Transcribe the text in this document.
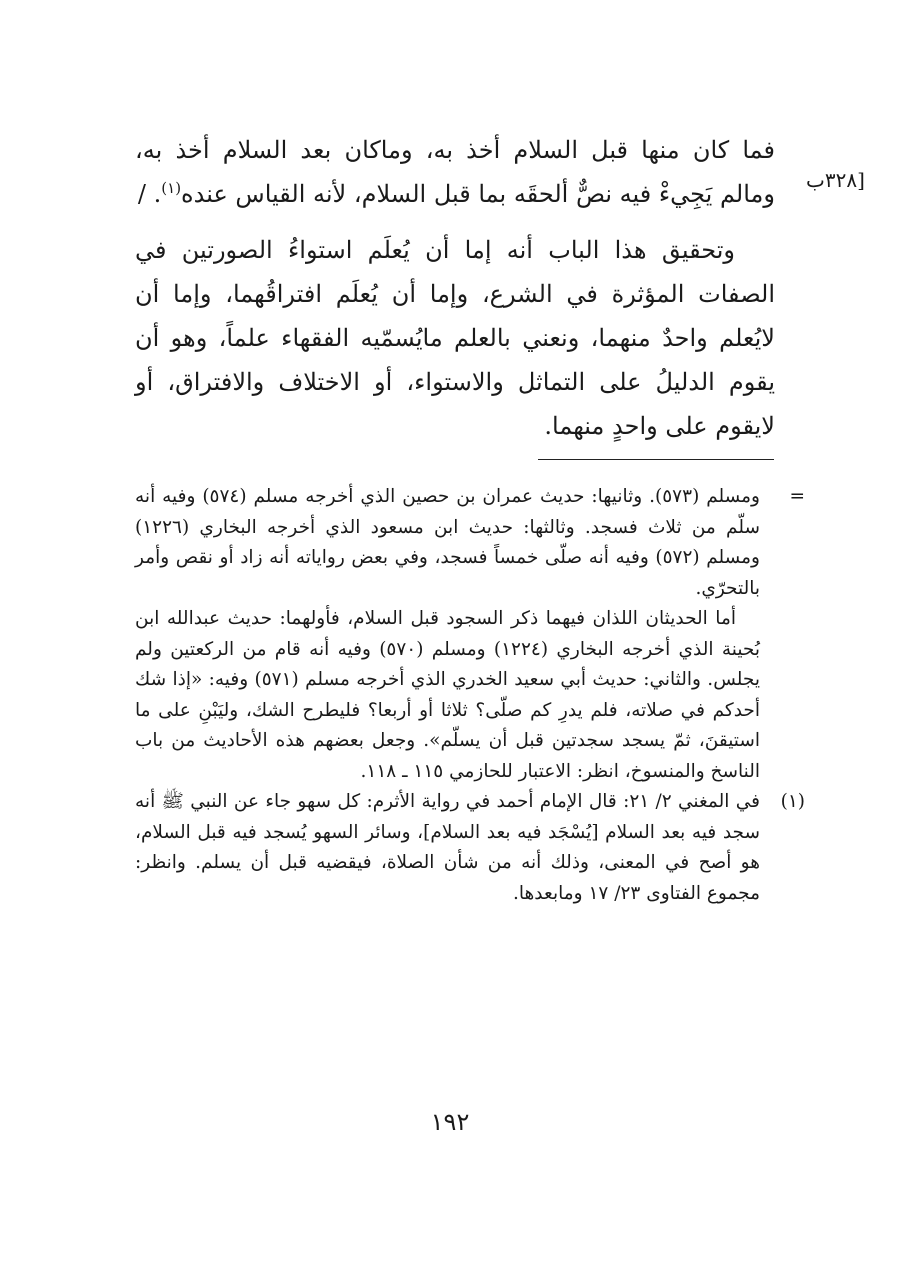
[٣٢٨ب

فما كان منها قبل السلام أخذ به، وماكان بعد السلام أخذ به، ومالم يَجِيءْ فيه نصٌّ ألحقَه بما قبل السلام، لأنه القياس عنده$^{(١)}$. /

وتحقيق هذا الباب أنه إما أن يُعلَم استواءُ الصورتين في الصفات المؤثرة في الشرع، وإما أن يُعلَم افتراقُهما، وإما أن لايُعلم واحدٌ منهما، ونعني بالعلم مايُسمّيه الفقهاء علماً، وهو أن يقوم الدليلُ على التماثل والاستواء، أو الاختلاف والافتراق، أو لايقوم على واحدٍ منهما.

=

ومسلم (٥٧٣). وثانيها: حديث عمران بن حصين الذي أخرجه مسلم (٥٧٤) وفيه أنه سلّم من ثلاث فسجد. وثالثها: حديث ابن مسعود الذي أخرجه البخاري (١٢٢٦) ومسلم (٥٧٢) وفيه أنه صلّى خمساً فسجد، وفي بعض رواياته أنه زاد أو نقص وأمر بالتحرّي.

أما الحديثان اللذان فيهما ذكر السجود قبل السلام، فأولهما: حديث عبدالله ابن بُحينة الذي أخرجه البخاري (١٢٢٤) ومسلم (٥٧٠) وفيه أنه قام من الركعتين ولم يجلس. والثاني: حديث أبي سعيد الخدري الذي أخرجه مسلم (٥٧١) وفيه: «إذا شك أحدكم في صلاته، فلم يدرِ كم صلّى؟ ثلاثا أو أربعا؟ فليطرح الشك، وليَبْنِ على ما استيقنَ، ثمّ يسجد سجدتين قبل أن يسلّم». وجعل بعضهم هذه الأحاديث من باب الناسخ والمنسوخ، انظر: الاعتبار للحازمي ١١٥ ـ ١١٨.

(١)

في المغني ٢/ ٢١: قال الإمام أحمد في رواية الأثرم: كل سهو جاء عن النبي ﷺ أنه سجد فيه بعد السلام [يُسْجَد فيه بعد السلام]، وسائر السهو يُسجد فيه قبل السلام، هو أصح في المعنى، وذلك أنه من شأن الصلاة، فيقضيه قبل أن يسلم. وانظر: مجموع الفتاوى ٢٣/ ١٧ ومابعدها.

١٩٢
